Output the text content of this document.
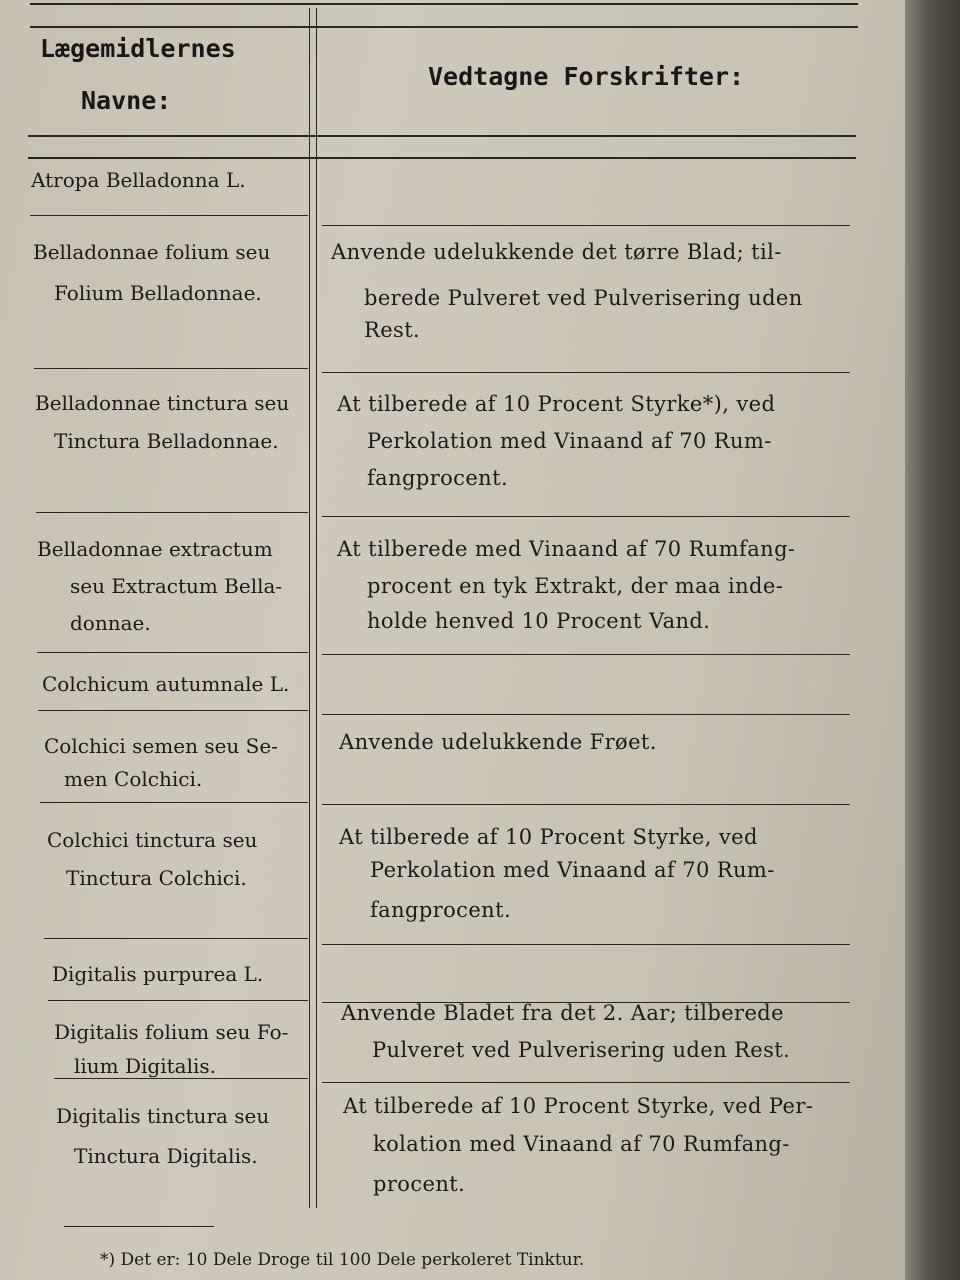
Lægemidlernes
Navne:
Vedtagne Forskrifter:
Atropa Belladonna L.
Belladonnae folium seu
Folium Belladonnae.
Anvende udelukkende det tørre Blad; til-
berede Pulveret ved Pulverisering uden
Rest.
Belladonnae tinctura seu
Tinctura Belladonnae.
At tilberede af 10 Procent Styrke*), ved
Perkolation med Vinaand af 70 Rum-
fangprocent.
Belladonnae extractum
seu Extractum Bella-
donnae.
At tilberede med Vinaand af 70 Rumfang-
procent en tyk Extrakt, der maa inde-
holde henved 10 Procent Vand.
Colchicum autumnale L.
Colchici semen seu Se-
men Colchici.
Anvende udelukkende Frøet.
Colchici tinctura seu
Tinctura Colchici.
At tilberede af 10 Procent Styrke, ved
Perkolation med Vinaand af 70 Rum-
fangprocent.
Digitalis purpurea L.
Digitalis folium seu Fo-
lium Digitalis.
Anvende Bladet fra det 2. Aar; tilberede
Pulveret ved Pulverisering uden Rest.
Digitalis tinctura seu
Tinctura Digitalis.
At tilberede af 10 Procent Styrke, ved Per-
kolation med Vinaand af 70 Rumfang-
procent.
*) Det er: 10 Dele Droge til 100 Dele perkoleret Tinktur.
